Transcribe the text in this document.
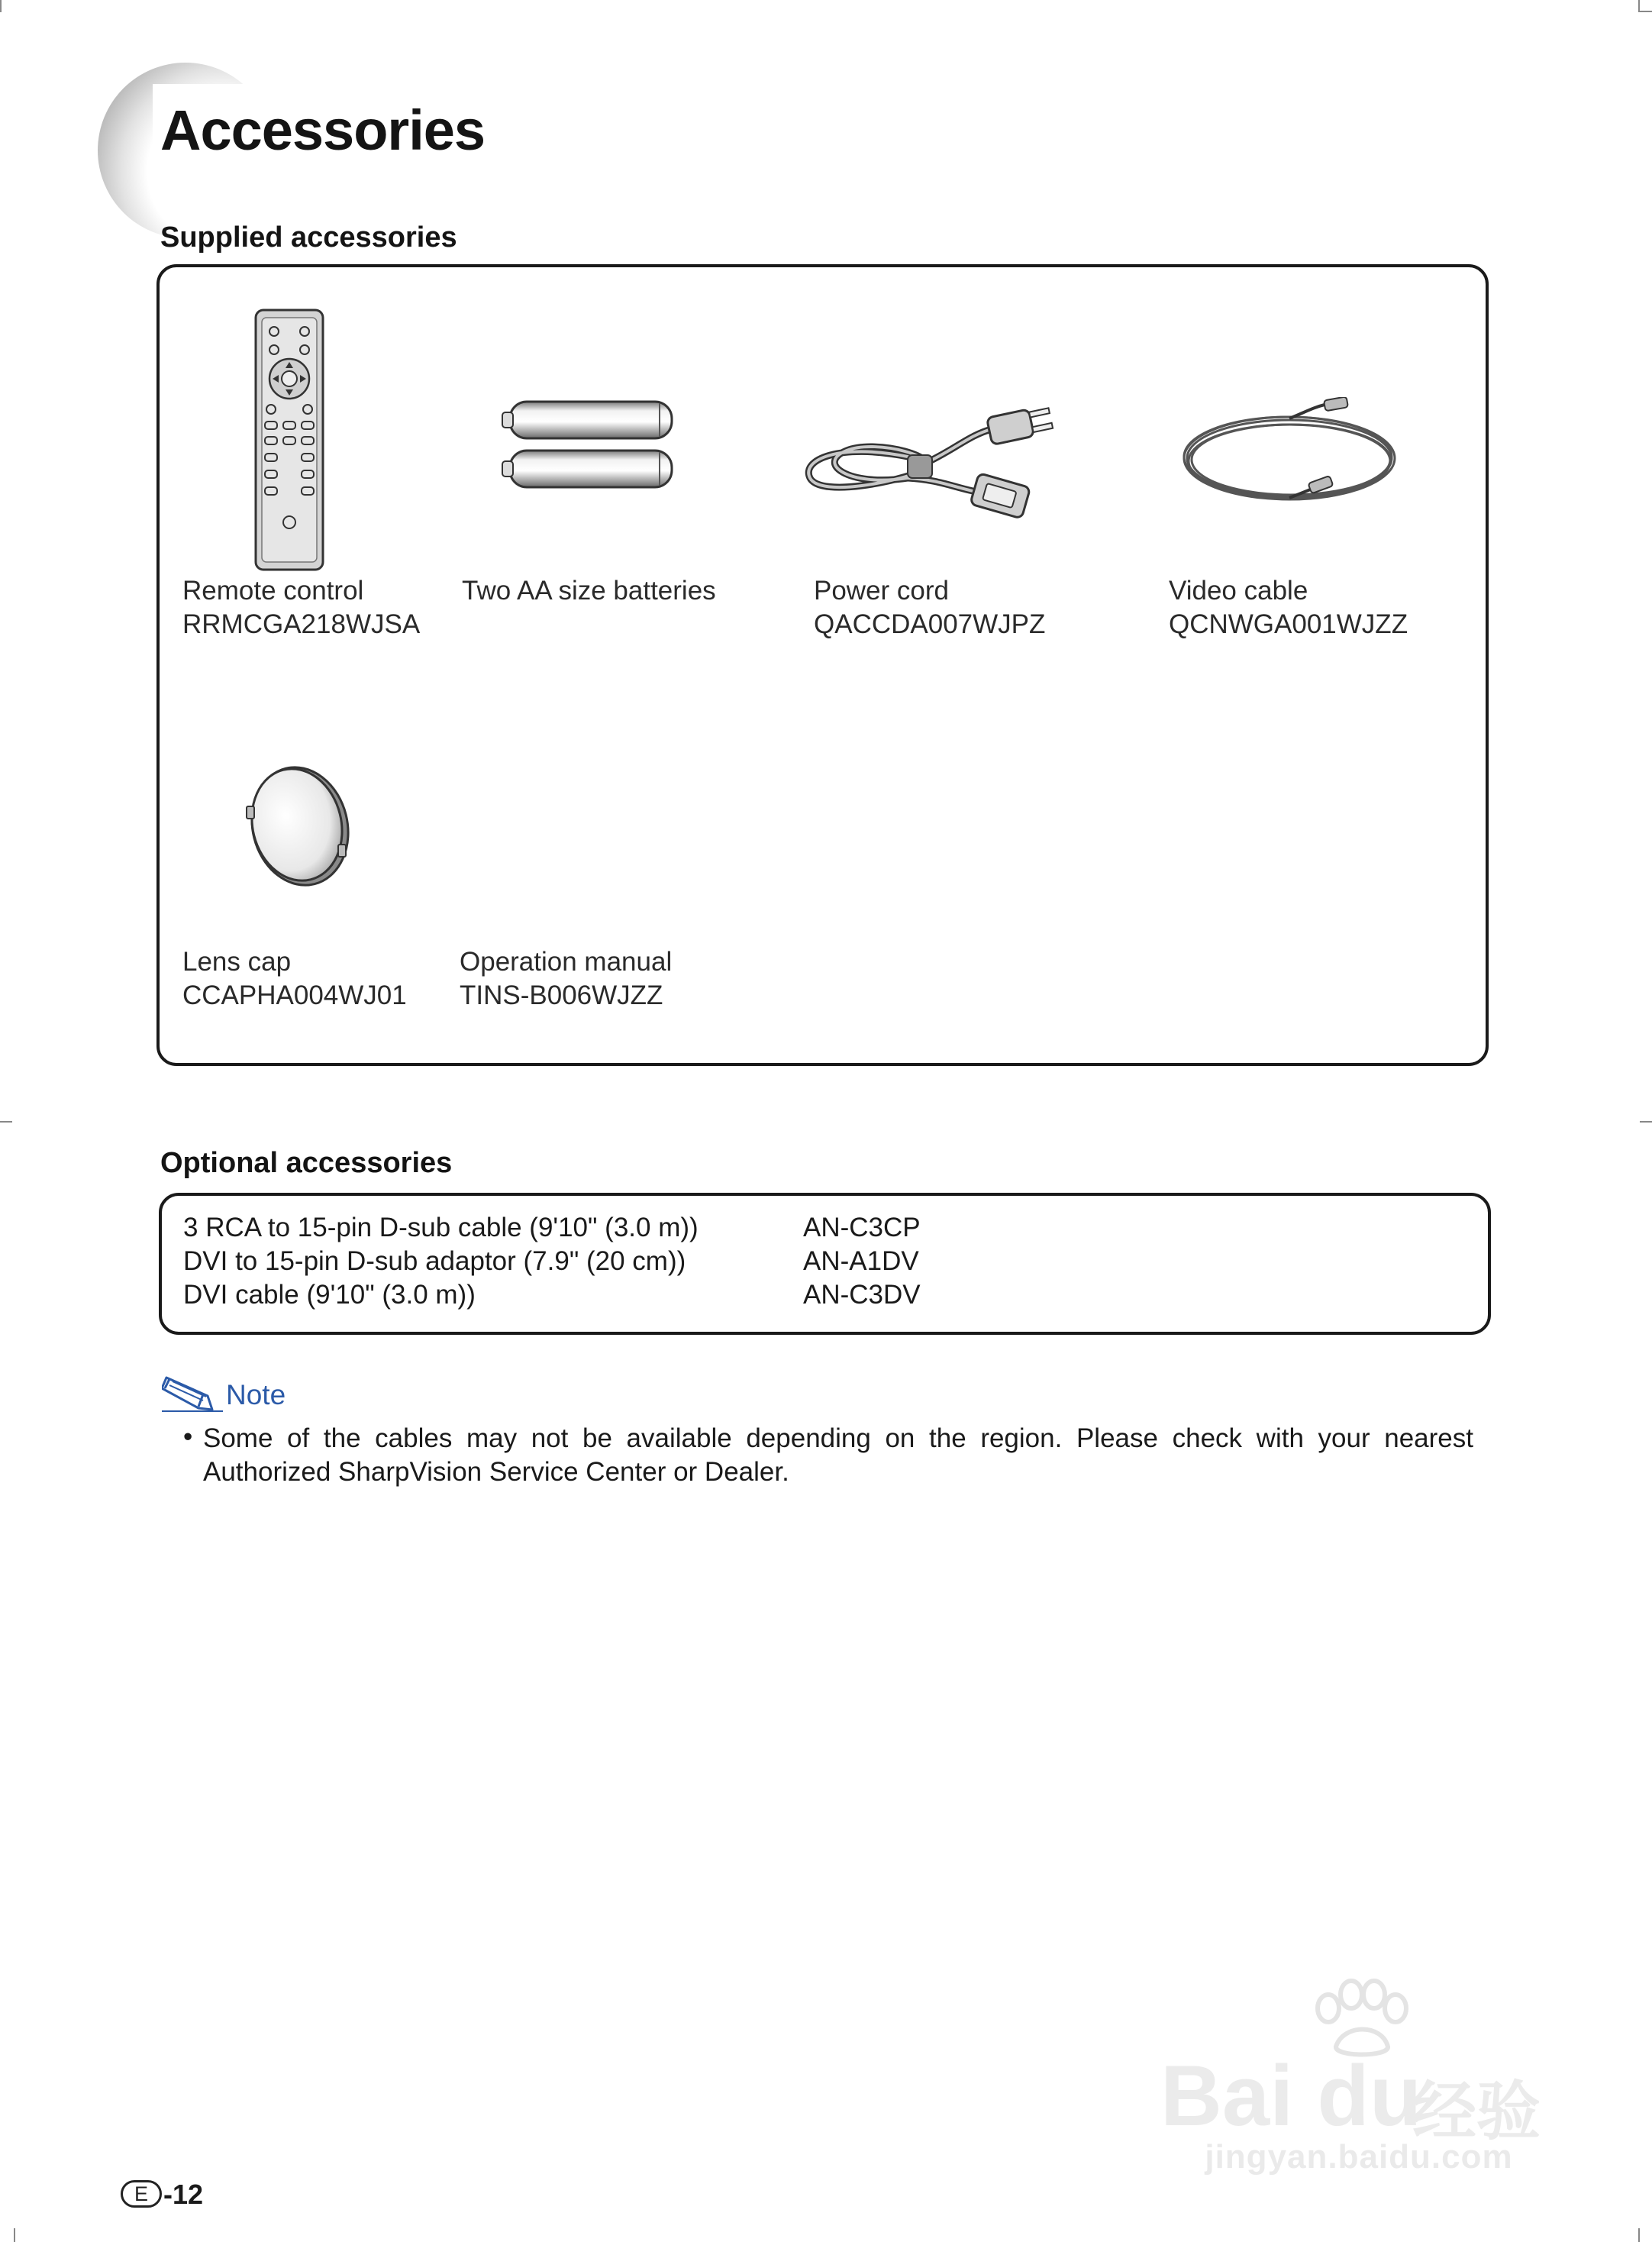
Accessories
Supplied accessories

Remote control

RRMCGA218WJSA

Two AA size batteries	Power cord

QACCDA007WJPZ

Video cable

QCNWGA001WJZZ

Lens cap

CCAPHA004WJ01

Operation manual

TINS-B006WJZZ

Optional accessories
3 RCA to 15-pin D-sub cable (9'10" (3.0 m))	AN-C3CP
DVI to 15-pin D-sub adaptor (7.9" (20 cm))	AN-A1DV
DVI cable (9'10" (3.0 m))	AN-C3DV
Note
• Some of the cables may not be available depending on the region. Please check with your nearest Authorized SharpVision Service Center or Dealer.

E -12
Bai du
经验
jingyan.baidu.com
